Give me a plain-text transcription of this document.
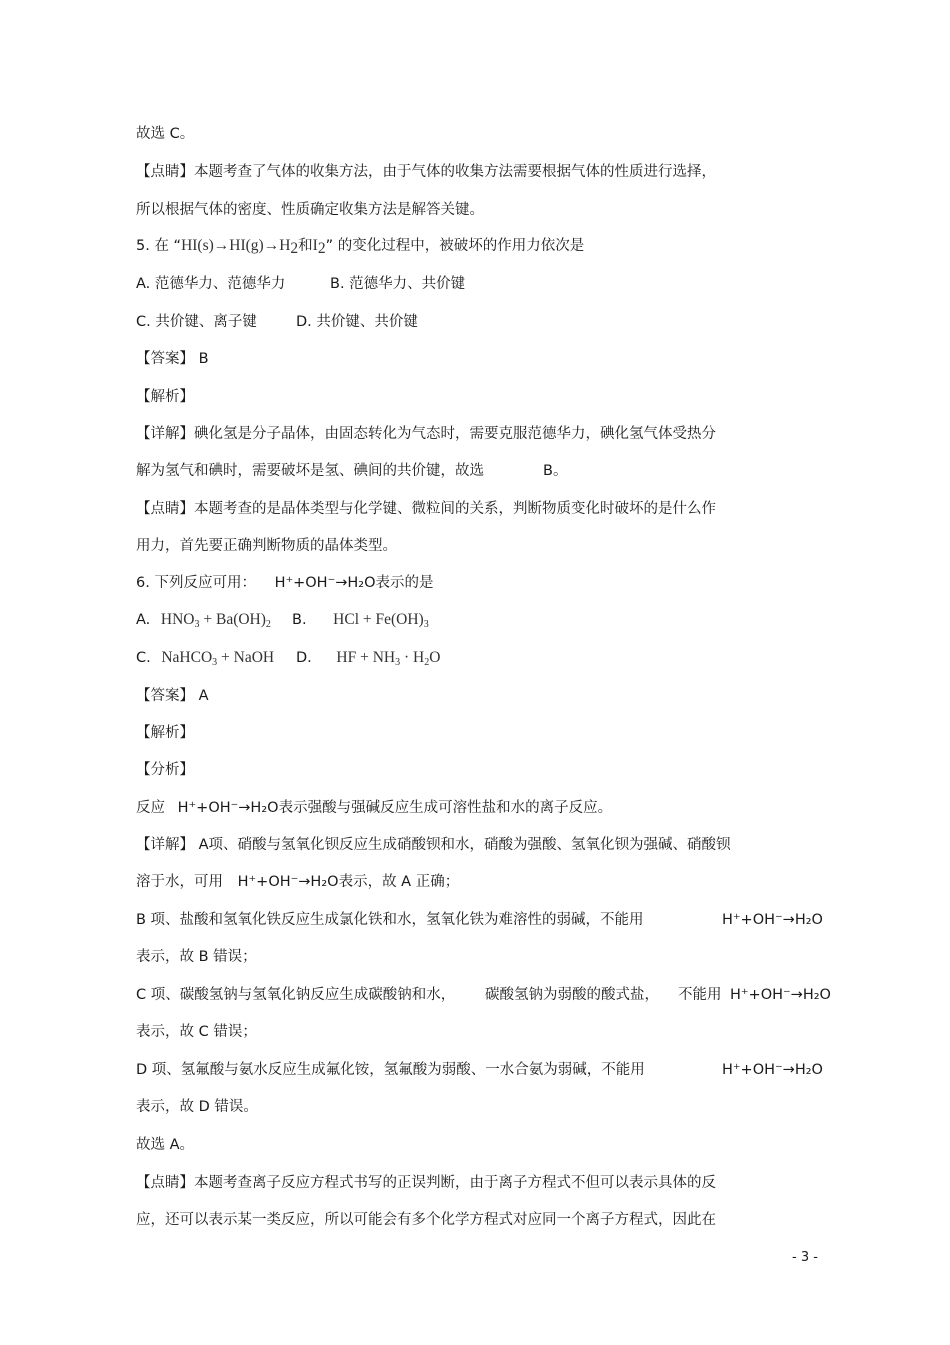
故选 C。
【点睛】本题考查了气体的收集方法，由于气体的收集方法需要根据气体的性质进行选择，
所以根据气体的密度、性质确定收集方法是解答关键。
5. 在 “$HI(s)\to HI(g)\to H_2$和$I_2$” 的变化过程中，被破坏的作用力依次是
A. 范德华力、范德华力	B. 范德华力、共价键
C. 共价键、离子键	D. 共价键、共价键
【答案】 B
【解析】
【详解】碘化氢是分子晶体，由固态转化为气态时，需要克服范德华力，碘化氢气体受热分
解为氢气和碘时，需要破坏是氢、碘间的共价键，故选	B。
【点睛】本题考查的是晶体类型与化学键、微粒间的关系，判断物质变化时破坏的是什么作
用力，首先要正确判断物质的晶体类型。
6. 下列反应可用： H⁺+OH⁻→H₂O表示的是
A. $HNO_3 + Ba(OH)_2$ B. HCl + $Fe(OH)_3$
C. NaHCO$_3$ + NaOH D. HF + $NH_3 \cdot H_2O$
【答案】 A
【解析】
【分析】
反应 H⁺+OH⁻→H₂O表示强酸与强碱反应生成可溶性盐和水的离子反应。
【详解】 A项、硝酸与氢氧化钡反应生成硝酸钡和水，硝酸为强酸、氢氧化钡为强碱、硝酸钡
溶于水，可用 H⁺+OH⁻→H₂O表示，故 A 正确；
B 项、盐酸和氢氧化铁反应生成氯化铁和水，氢氧化铁为难溶性的弱碱，不能用	H⁺+OH⁻→H₂O
表示，故 B 错误；
C 项、碳酸氢钠与氢氧化钠反应生成碳酸钠和水， 碳酸氢钠为弱酸的酸式盐， 不能用 H⁺+OH⁻→H₂O
表示，故 C 错误；
D 项、氢氟酸与氨水反应生成氟化铵，氢氟酸为弱酸、一水合氨为弱碱，不能用	H⁺+OH⁻→H₂O
表示，故 D 错误。
故选 A。
【点睛】本题考查离子反应方程式书写的正误判断，由于离子方程式不但可以表示具体的反
应，还可以表示某一类反应，所以可能会有多个化学方程式对应同一个离子方程式，因此在
- 3 -
